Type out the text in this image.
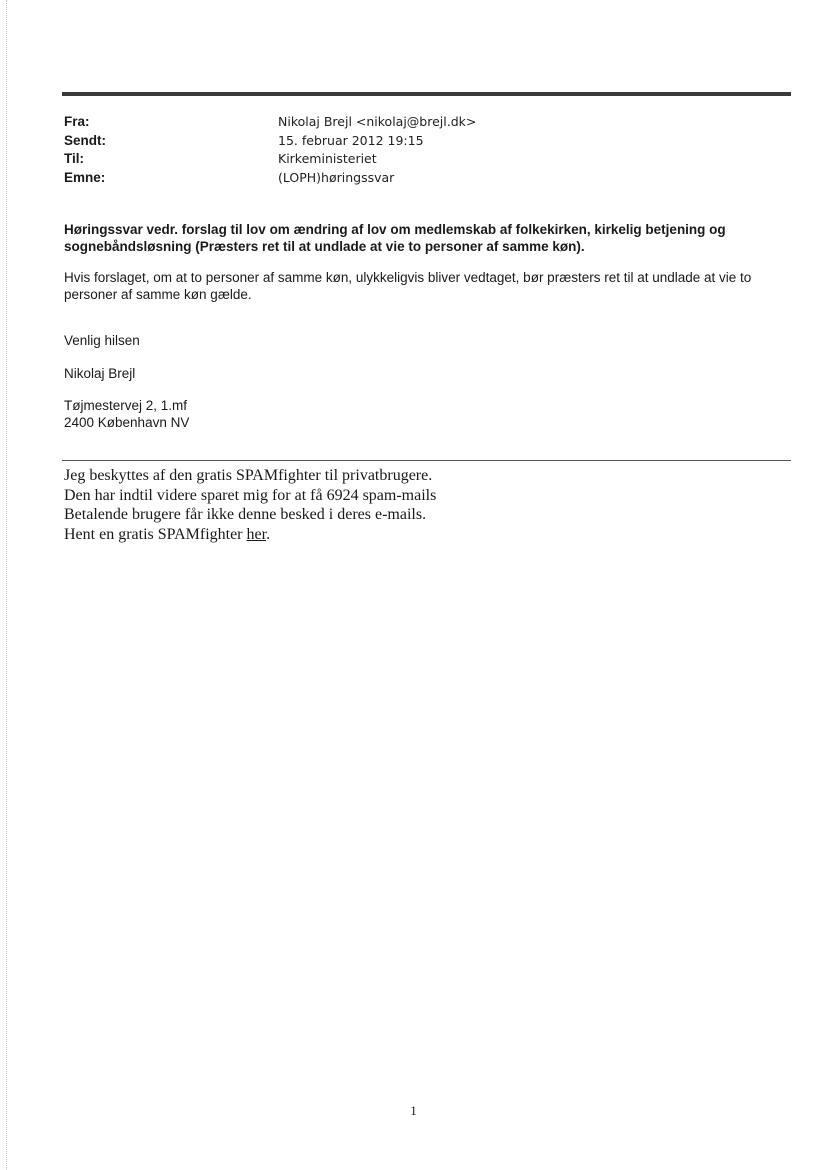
Fra:	Nikolaj Brejl <nikolaj@brejl.dk>
Sendt:	15. februar 2012 19:15
Til:	Kirkeministeriet
Emne:	(LOPH)høringssvar
Høringssvar vedr. forslag til lov om ændring af lov om medlemskab af folkekirken, kirkelig betjening og sognebåndsløsning (Præsters ret til at undlade at vie to personer af samme køn).
Hvis forslaget, om at to personer af samme køn, ulykkeligvis bliver vedtaget, bør præsters ret til at undlade at vie to personer af samme køn gælde.
Venlig hilsen
Nikolaj Brejl
Tøjmestervej 2, 1.mf
2400 København NV
Jeg beskyttes af den gratis SPAMfighter til privatbrugere.
Den har indtil videre sparet mig for at få 6924 spam-mails
Betalende brugere får ikke denne besked i deres e-mails.
Hent en gratis SPAMfighter her.
1
